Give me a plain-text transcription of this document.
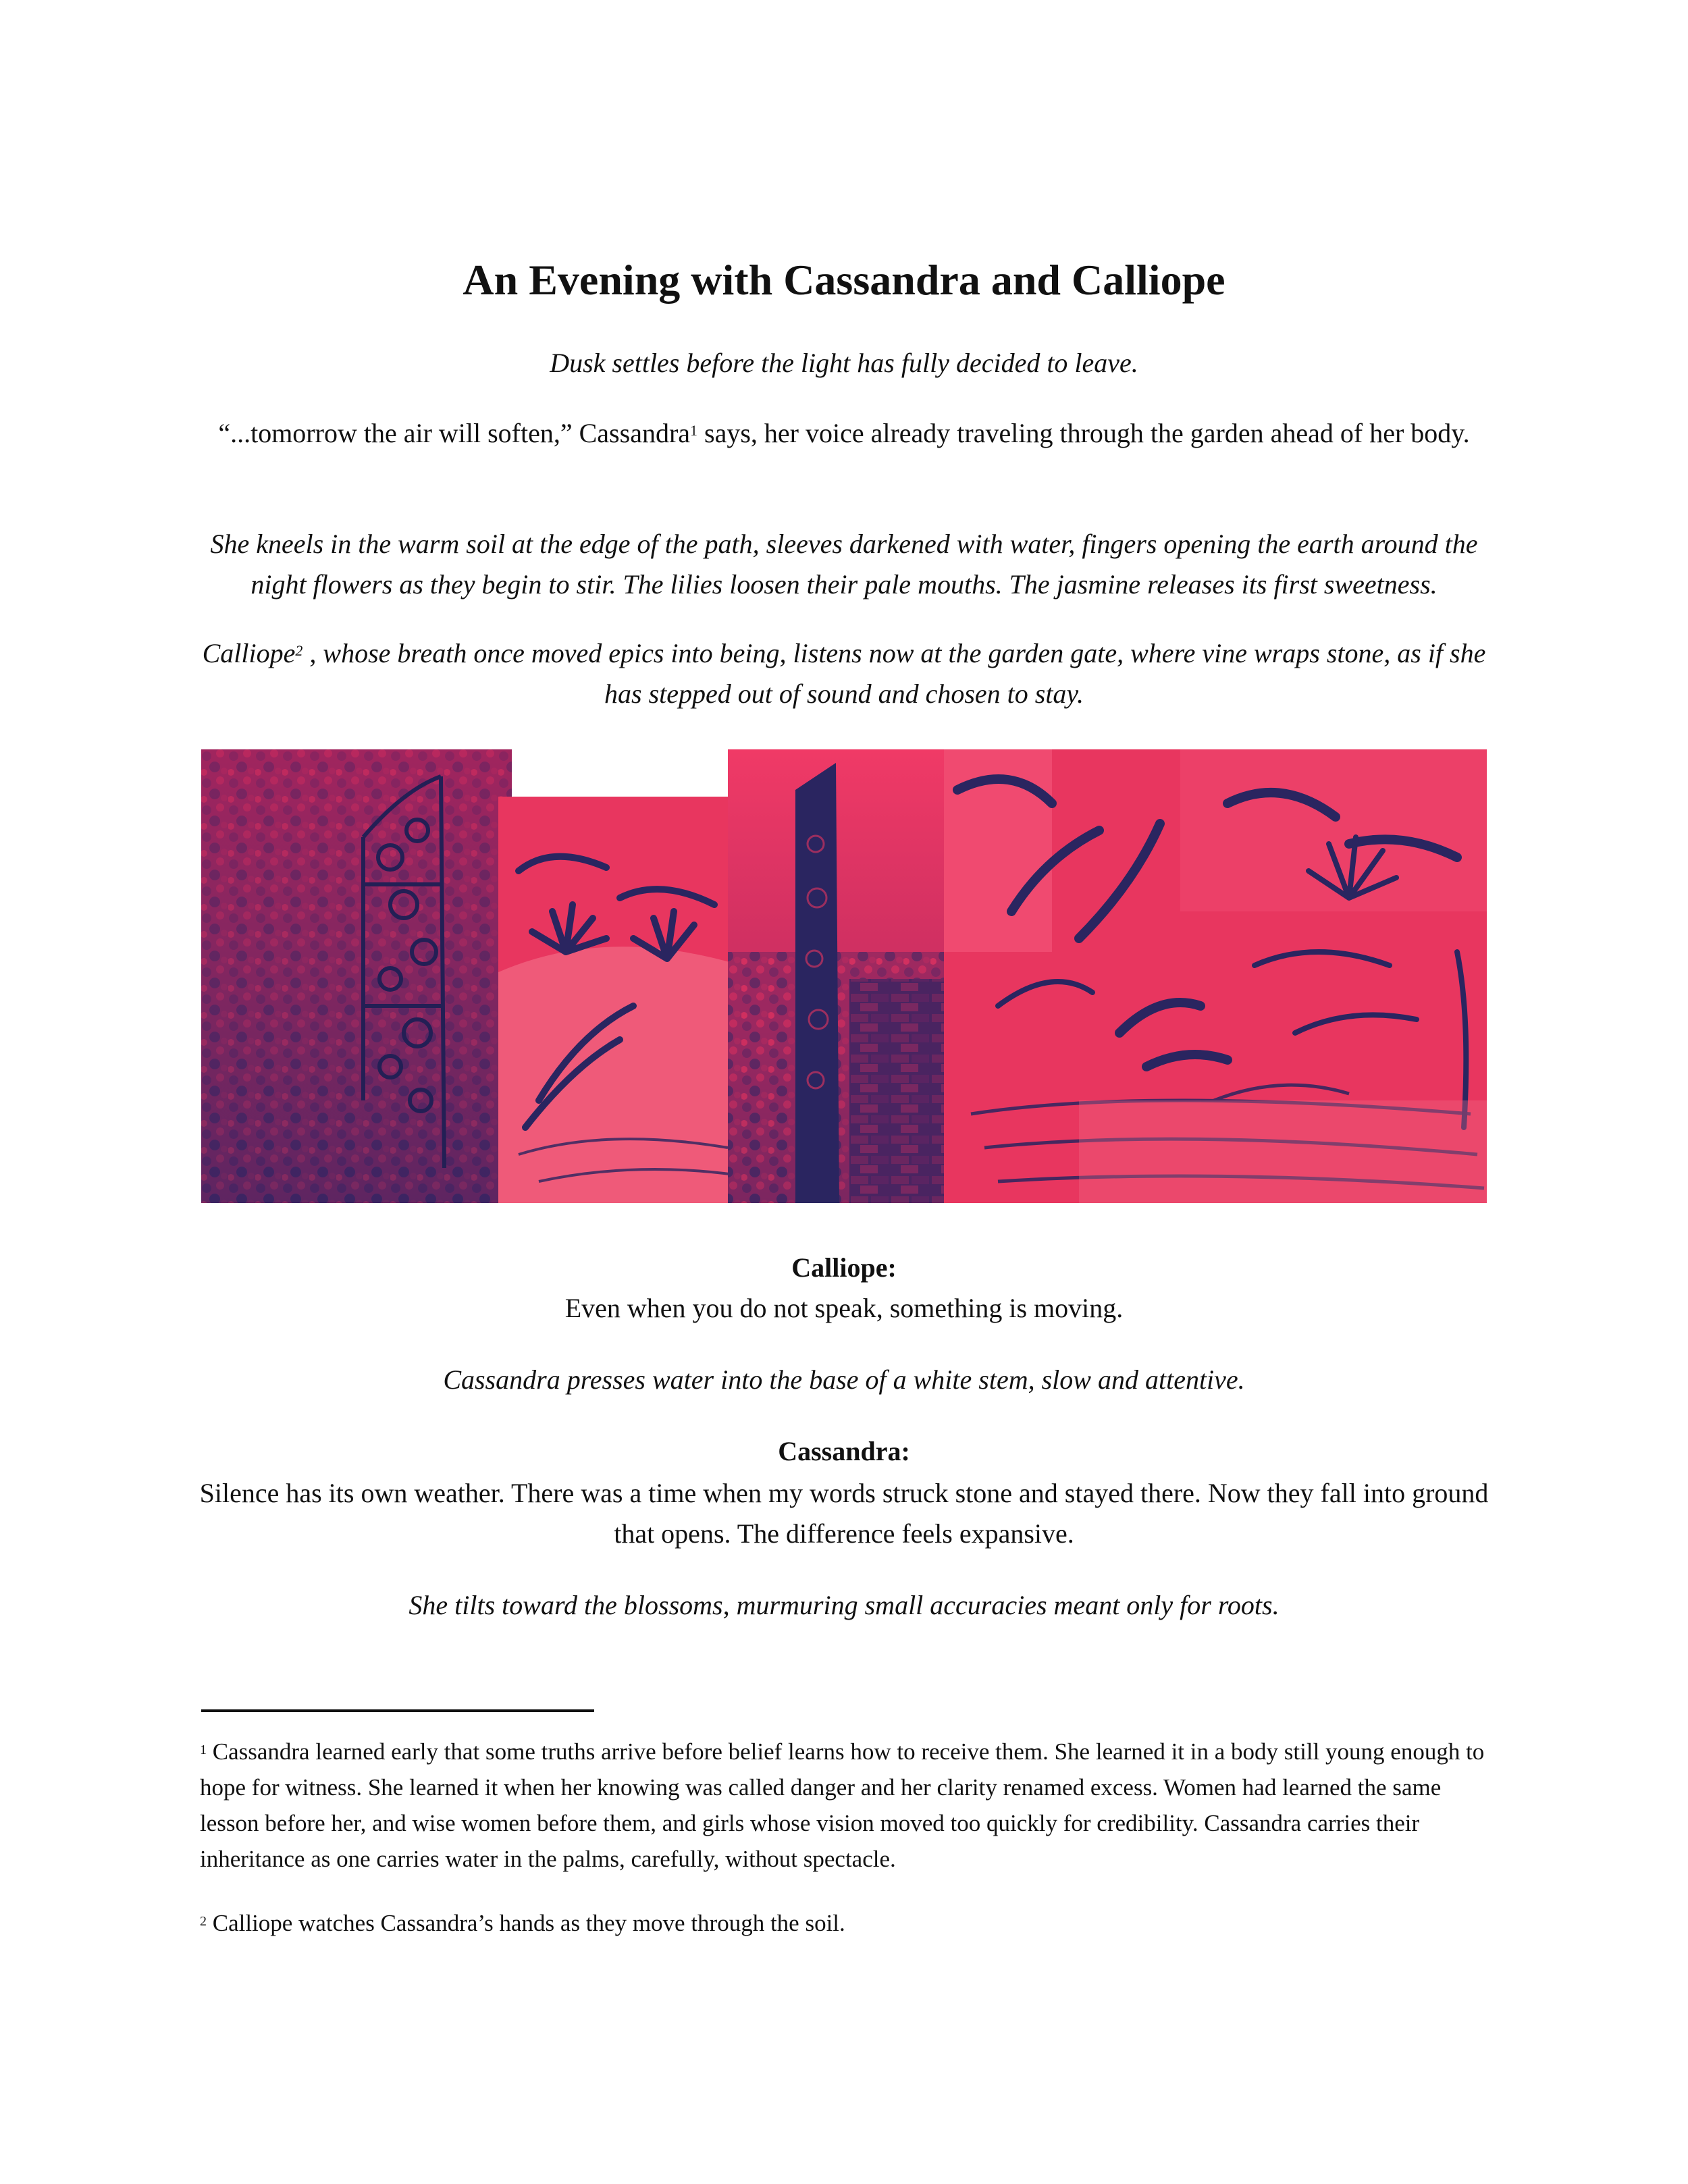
An Evening with Cassandra and Calliope
Dusk settles before the light has fully decided to leave.
“...tomorrow the air will soften,” Cassandra$^1$ says, her voice already traveling through the garden ahead of her body.
She kneels in the warm soil at the edge of the path, sleeves darkened with water, fingers opening the earth around the night flowers as they begin to stir. The lilies loosen their pale mouths. The jasmine releases its first sweetness.
Calliope$^2$ , whose breath once moved epics into being, listens now at the garden gate, where vine wraps stone, as if she has stepped out of sound and chosen to stay.
Calliope:
Even when you do not speak, something is moving.
Cassandra presses water into the base of a white stem, slow and attentive.
Cassandra:
Silence has its own weather. There was a time when my words struck stone and stayed there. Now they fall into ground that opens. The difference feels expansive.
She tilts toward the blossoms, murmuring small accuracies meant only for roots.
$^1$ Cassandra learned early that some truths arrive before belief learns how to receive them. She learned it in a body still young enough to hope for witness. She learned it when her knowing was called danger and her clarity renamed excess. Women had learned the same lesson before her, and wise women before them, and girls whose vision moved too quickly for credibility. Cassandra carries their inheritance as one carries water in the palms, carefully, without spectacle.
$^2$ Calliope watches Cassandra’s hands as they move through the soil.
